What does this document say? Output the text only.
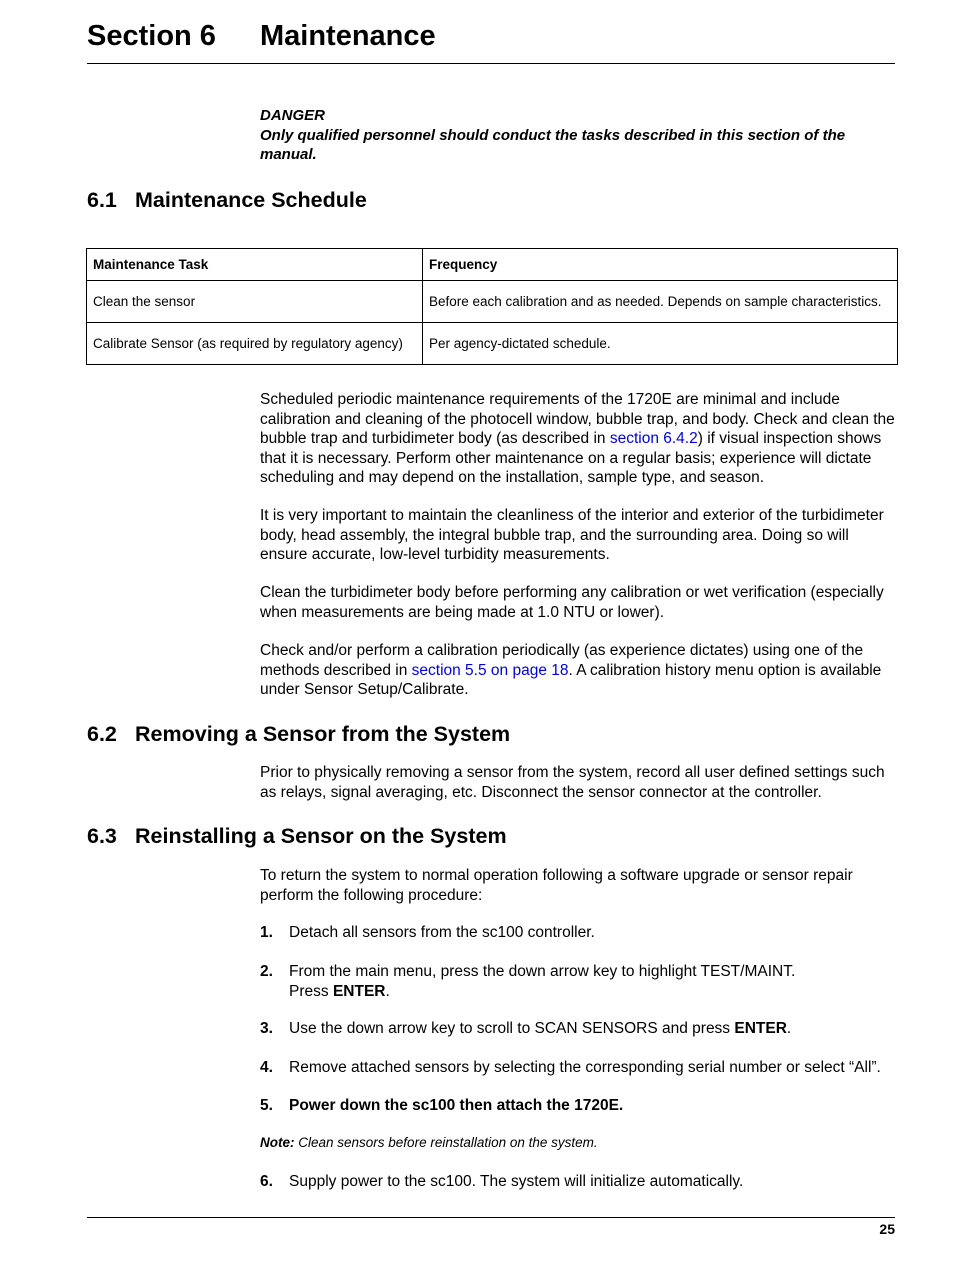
Section 6 Maintenance
DANGER
Only qualified personnel should conduct the tasks described in this section of the manual.
6.1 Maintenance Schedule
Maintenance Task	Frequency
Clean the sensor	Before each calibration and as needed. Depends on sample characteristics.
Calibrate Sensor (as required by regulatory agency)	Per agency-dictated schedule.
Scheduled periodic maintenance requirements of the 1720E are minimal and include calibration and cleaning of the photocell window, bubble trap, and body. Check and clean the bubble trap and turbidimeter body (as described in section 6.4.2) if visual inspection shows that it is necessary. Perform other maintenance on a regular basis; experience will dictate scheduling and may depend on the installation, sample type, and season.
It is very important to maintain the cleanliness of the interior and exterior of the turbidimeter body, head assembly, the integral bubble trap, and the surrounding area. Doing so will ensure accurate, low-level turbidity measurements.
Clean the turbidimeter body before performing any calibration or wet verification (especially when measurements are being made at 1.0 NTU or lower).
Check and/or perform a calibration periodically (as experience dictates) using one of the methods described in section 5.5 on page 18. A calibration history menu option is available under Sensor Setup/Calibrate.
6.2 Removing a Sensor from the System
Prior to physically removing a sensor from the system, record all user defined settings such as relays, signal averaging, etc. Disconnect the sensor connector at the controller.
6.3 Reinstalling a Sensor on the System
To return the system to normal operation following a software upgrade or sensor repair perform the following procedure:
1. Detach all sensors from the sc100 controller.
2. From the main menu, press the down arrow key to highlight TEST/MAINT.
Press ENTER.
3. Use the down arrow key to scroll to SCAN SENSORS and press ENTER.
4. Remove attached sensors by selecting the corresponding serial number or select “All”.
5. Power down the sc100 then attach the 1720E.
Note: Clean sensors before reinstallation on the system.
6. Supply power to the sc100. The system will initialize automatically.
25
